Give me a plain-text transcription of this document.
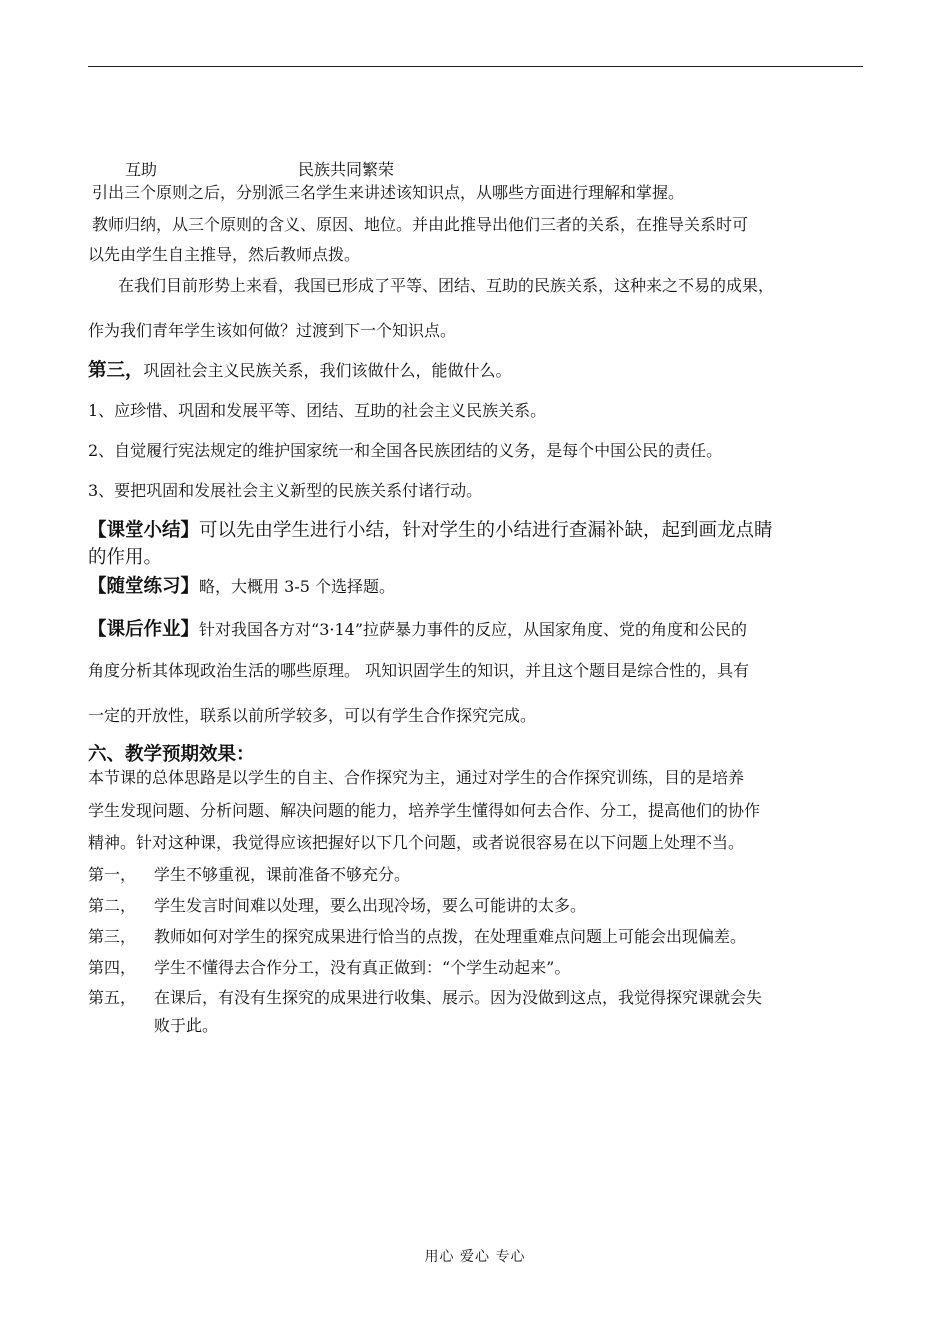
互助	民族共同繁荣
引出三个原则之后，分别派三名学生来讲述该知识点，从哪些方面进行理解和掌握。
教师归纳，从三个原则的含义、原因、地位。并由此推导出他们三者的关系，在推导关系时可
以先由学生自主推导，然后教师点拨。
在我们目前形势上来看，我国已形成了平等、团结、互助的民族关系，这种来之不易的成果，
作为我们青年学生该如何做？过渡到下一个知识点。
第三，巩固社会主义民族关系，我们该做什么，能做什么。
1、应珍惜、巩固和发展平等、团结、互助的社会主义民族关系。
2、自觉履行宪法规定的维护国家统一和全国各民族团结的义务，是每个中国公民的责任。
3、要把巩固和发展社会主义新型的民族关系付诸行动。
【课堂小结】可以先由学生进行小结，针对学生的小结进行查漏补缺，起到画龙点睛
的作用。
【随堂练习】略，大概用 3-5 个选择题。
【课后作业】针对我国各方对“3·14”拉萨暴力事件的反应，从国家角度、党的角度和公民的
角度分析其体现政治生活的哪些原理。 巩知识固学生的知识，并且这个题目是综合性的，具有
一定的开放性，联系以前所学较多，可以有学生合作探究完成。
六、教学预期效果：
本节课的总体思路是以学生的自主、合作探究为主，通过对学生的合作探究训练，目的是培养
学生发现问题、分析问题、解决问题的能力，培养学生懂得如何去合作、分工，提高他们的协作
精神。针对这种课，我觉得应该把握好以下几个问题，或者说很容易在以下问题上处理不当。
第一， 学生不够重视，课前准备不够充分。
第二， 学生发言时间难以处理，要么出现冷场，要么可能讲的太多。
第三， 教师如何对学生的探究成果进行恰当的点拨，在处理重难点问题上可能会出现偏差。
第四， 学生不懂得去合作分工，没有真正做到：“个学生动起来”。
第五， 在课后，有没有生探究的成果进行收集、展示。因为没做到这点，我觉得探究课就会失
败于此。
用心 爱心 专心
